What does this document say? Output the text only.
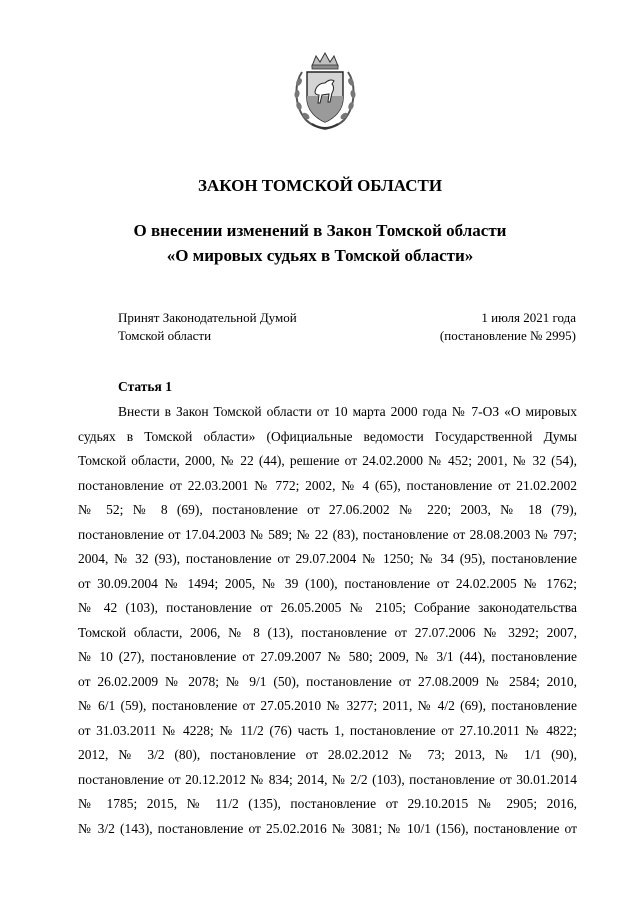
ЗАКОН ТОМСКОЙ ОБЛАСТИ
О внесении изменений в Закон Томской области
«О мировых судьях в Томской области»
Принят Законодательной Думой
Томской области
1 июля 2021 года
(постановление № 2995)
Статья 1
Внести в Закон Томской области от 10 марта 2000 года № 7-ОЗ «О мировых
судьях в Томской области» (Официальные ведомости Государственной Думы
Томской области, 2000, № 22 (44), решение от 24.02.2000 № 452; 2001, № 32 (54),
постановление от 22.03.2001 № 772; 2002, № 4 (65), постановление от 21.02.2002
№ 52; № 8 (69), постановление от 27.06.2002 № 220; 2003, № 18 (79),
постановление от 17.04.2003 № 589; № 22 (83), постановление от 28.08.2003 № 797;
2004, № 32 (93), постановление от 29.07.2004 № 1250; № 34 (95), постановление
от 30.09.2004 № 1494; 2005, № 39 (100), постановление от 24.02.2005 № 1762;
№ 42 (103), постановление от 26.05.2005 № 2105; Собрание законодательства
Томской области, 2006, № 8 (13), постановление от 27.07.2006 № 3292; 2007,
№ 10 (27), постановление от 27.09.2007 № 580; 2009, № 3/1 (44), постановление
от 26.02.2009 № 2078; № 9/1 (50), постановление от 27.08.2009 № 2584; 2010,
№ 6/1 (59), постановление от 27.05.2010 № 3277; 2011, № 4/2 (69), постановление
от 31.03.2011 № 4228; № 11/2 (76) часть 1, постановление от 27.10.2011 № 4822;
2012, № 3/2 (80), постановление от 28.02.2012 № 73; 2013, № 1/1 (90),
постановление от 20.12.2012 № 834; 2014, № 2/2 (103), постановление от 30.01.2014
№ 1785; 2015, № 11/2 (135), постановление от 29.10.2015 № 2905; 2016,
№ 3/2 (143), постановление от 25.02.2016 № 3081; № 10/1 (156), постановление от
